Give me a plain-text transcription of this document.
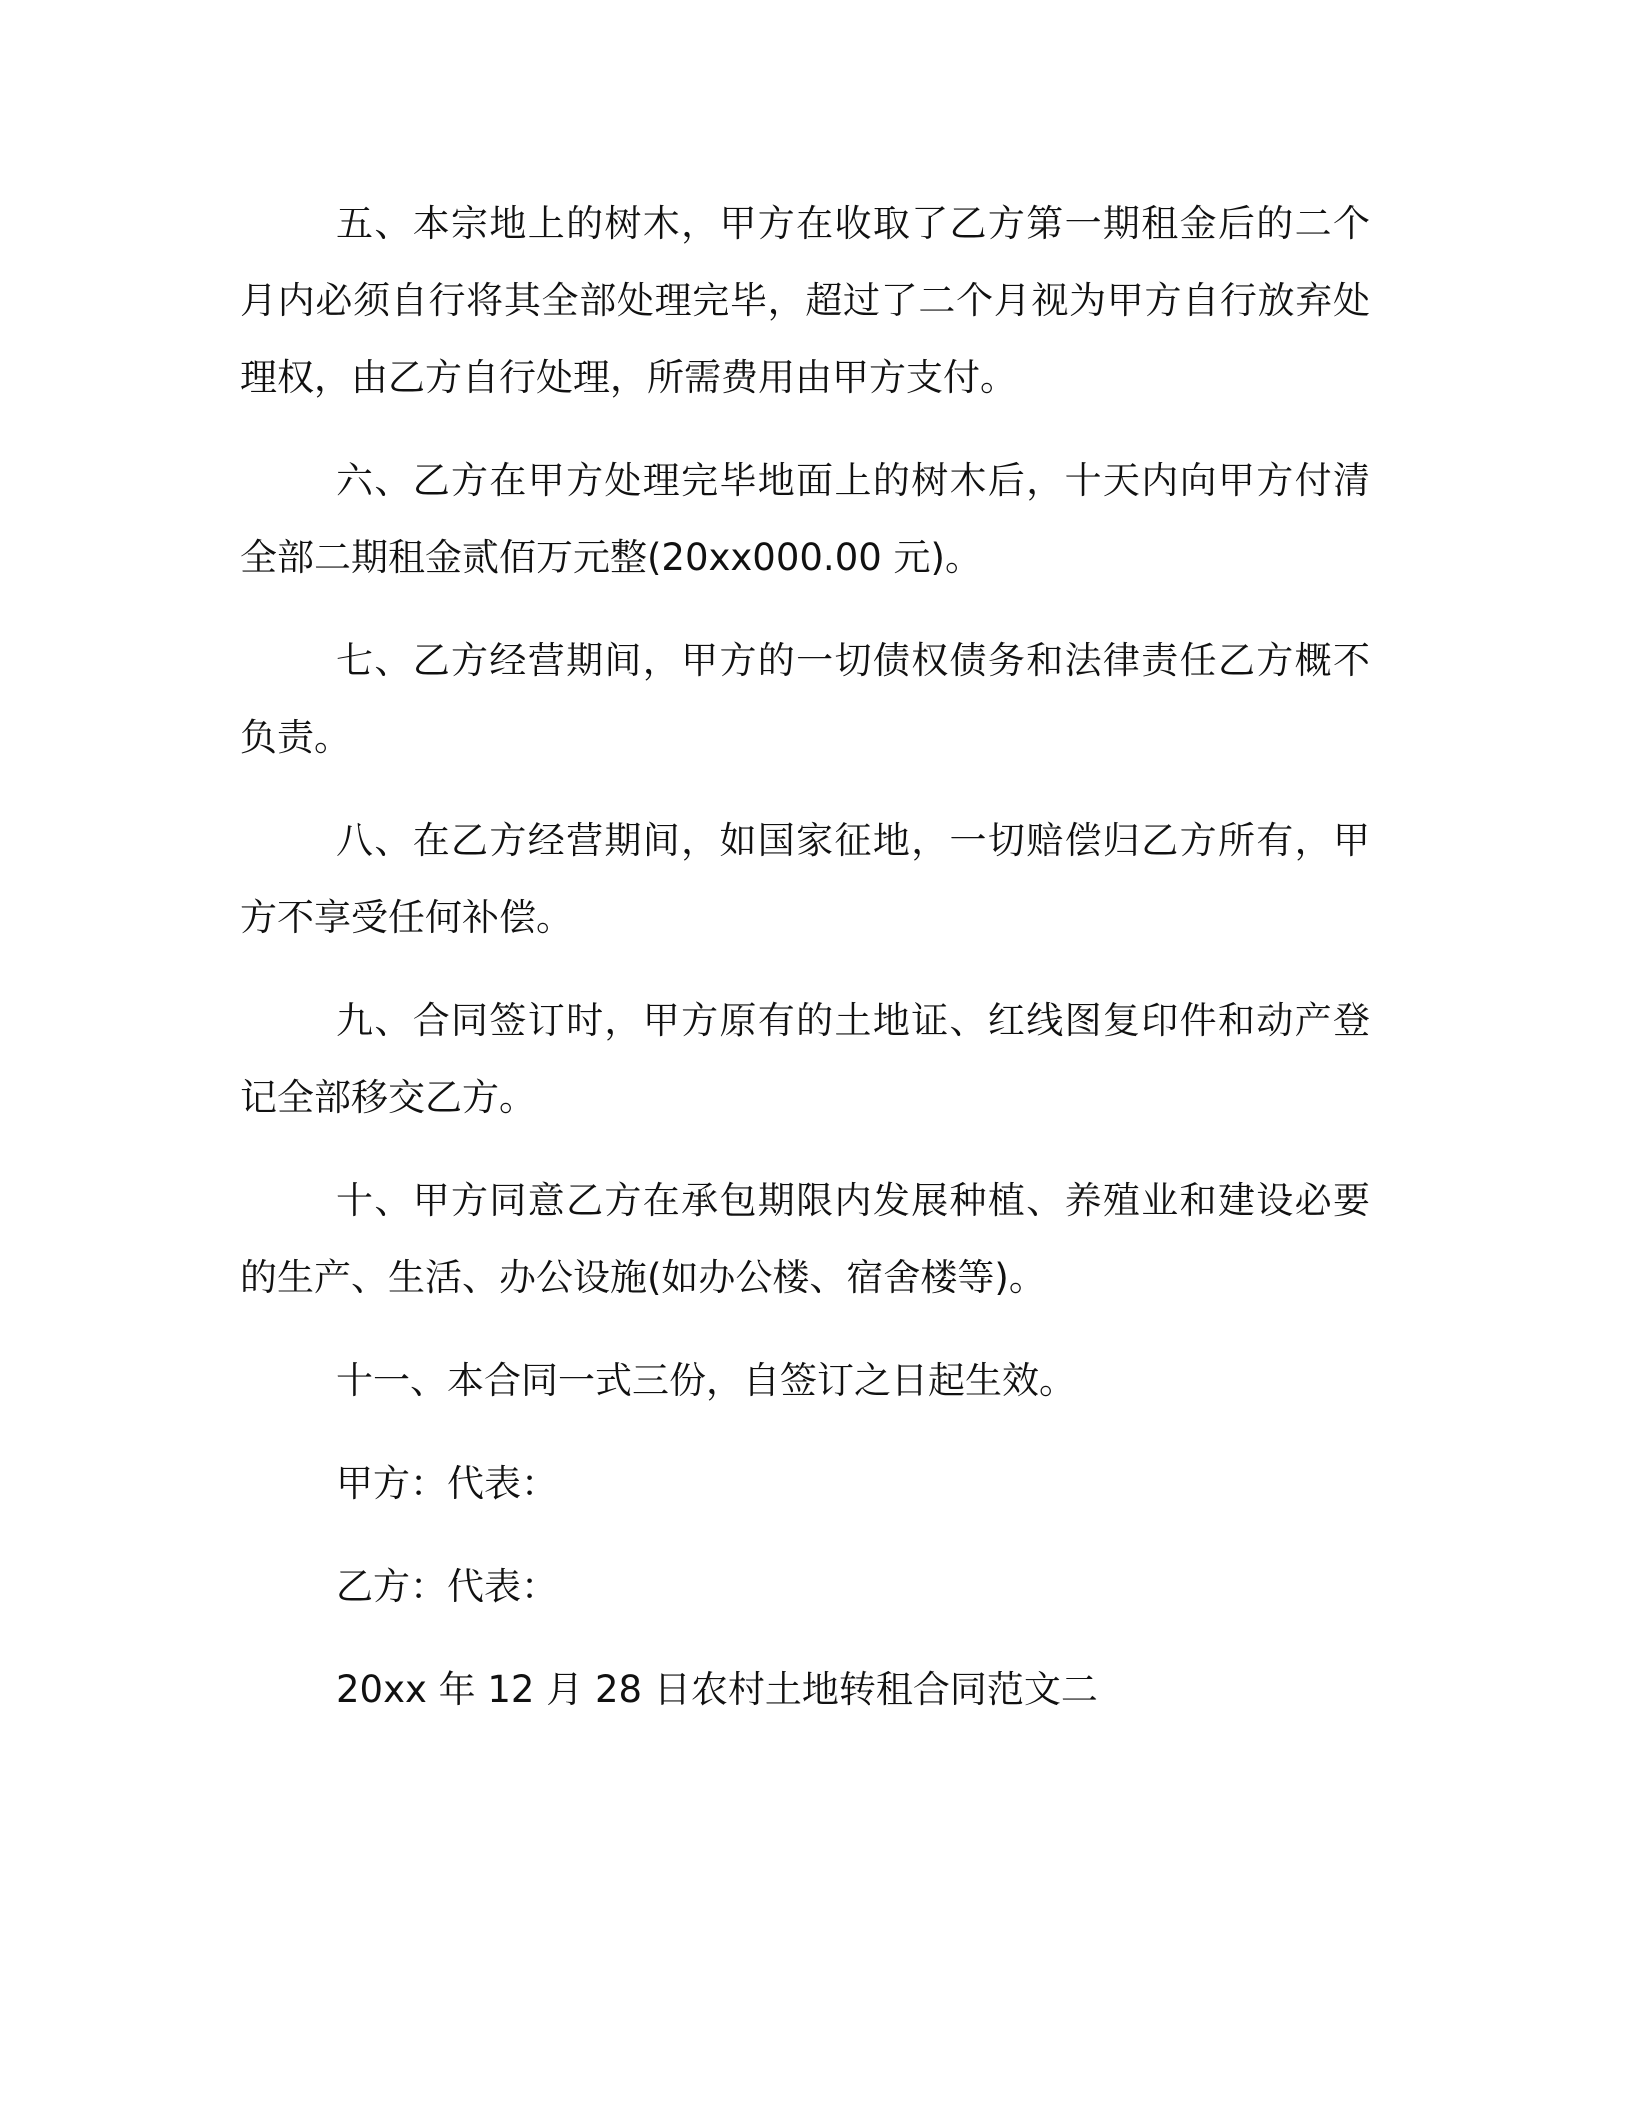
五、本宗地上的树木，甲方在收取了乙方第一期租金后的二个月内必须自行将其全部处理完毕，超过了二个月视为甲方自行放弃处理权，由乙方自行处理，所需费用由甲方支付。

六、乙方在甲方处理完毕地面上的树木后，十天内向甲方付清全部二期租金贰佰万元整(20xx000.00 元)。

七、乙方经营期间，甲方的一切债权债务和法律责任乙方概不负责。

八、在乙方经营期间，如国家征地，一切赔偿归乙方所有，甲方不享受任何补偿。

九、合同签订时，甲方原有的土地证、红线图复印件和动产登记全部移交乙方。

十、甲方同意乙方在承包期限内发展种植、养殖业和建设必要的生产、生活、办公设施(如办公楼、宿舍楼等)。

十一、本合同一式三份，自签订之日起生效。

甲方：代表：

乙方：代表：

20xx 年 12 月 28 日农村土地转租合同范文二
